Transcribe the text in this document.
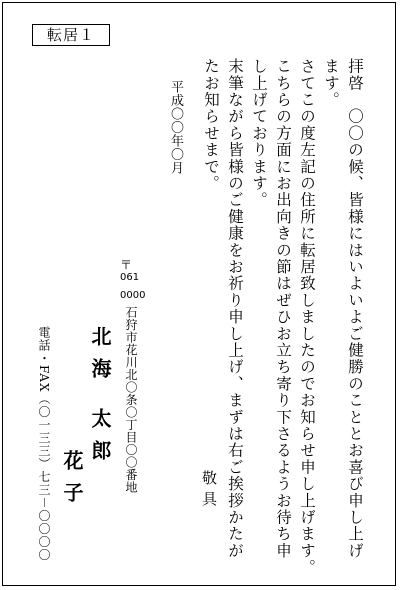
転居１
拝啓　〇〇の候、皆様にはいよいよご健勝のこととお喜び申し上げ
ます。
さてこの度左記の住所に転居致しましたのでお知らせ申し上げます。
こちらの方面にお出向きの節はぜひお立ち寄り下さるようお待ち申
し上げております。
末筆ながら皆様のご健康をお祈り申し上げ、まずは右ご挨拶かたが
たお知らせまで。
敬具
平成〇〇年〇月
〒
061
0000
石狩市花川北〇条〇丁目〇〇番地
北海
太郎
花子
電話・FAX（〇一三三）七三－〇〇〇〇
